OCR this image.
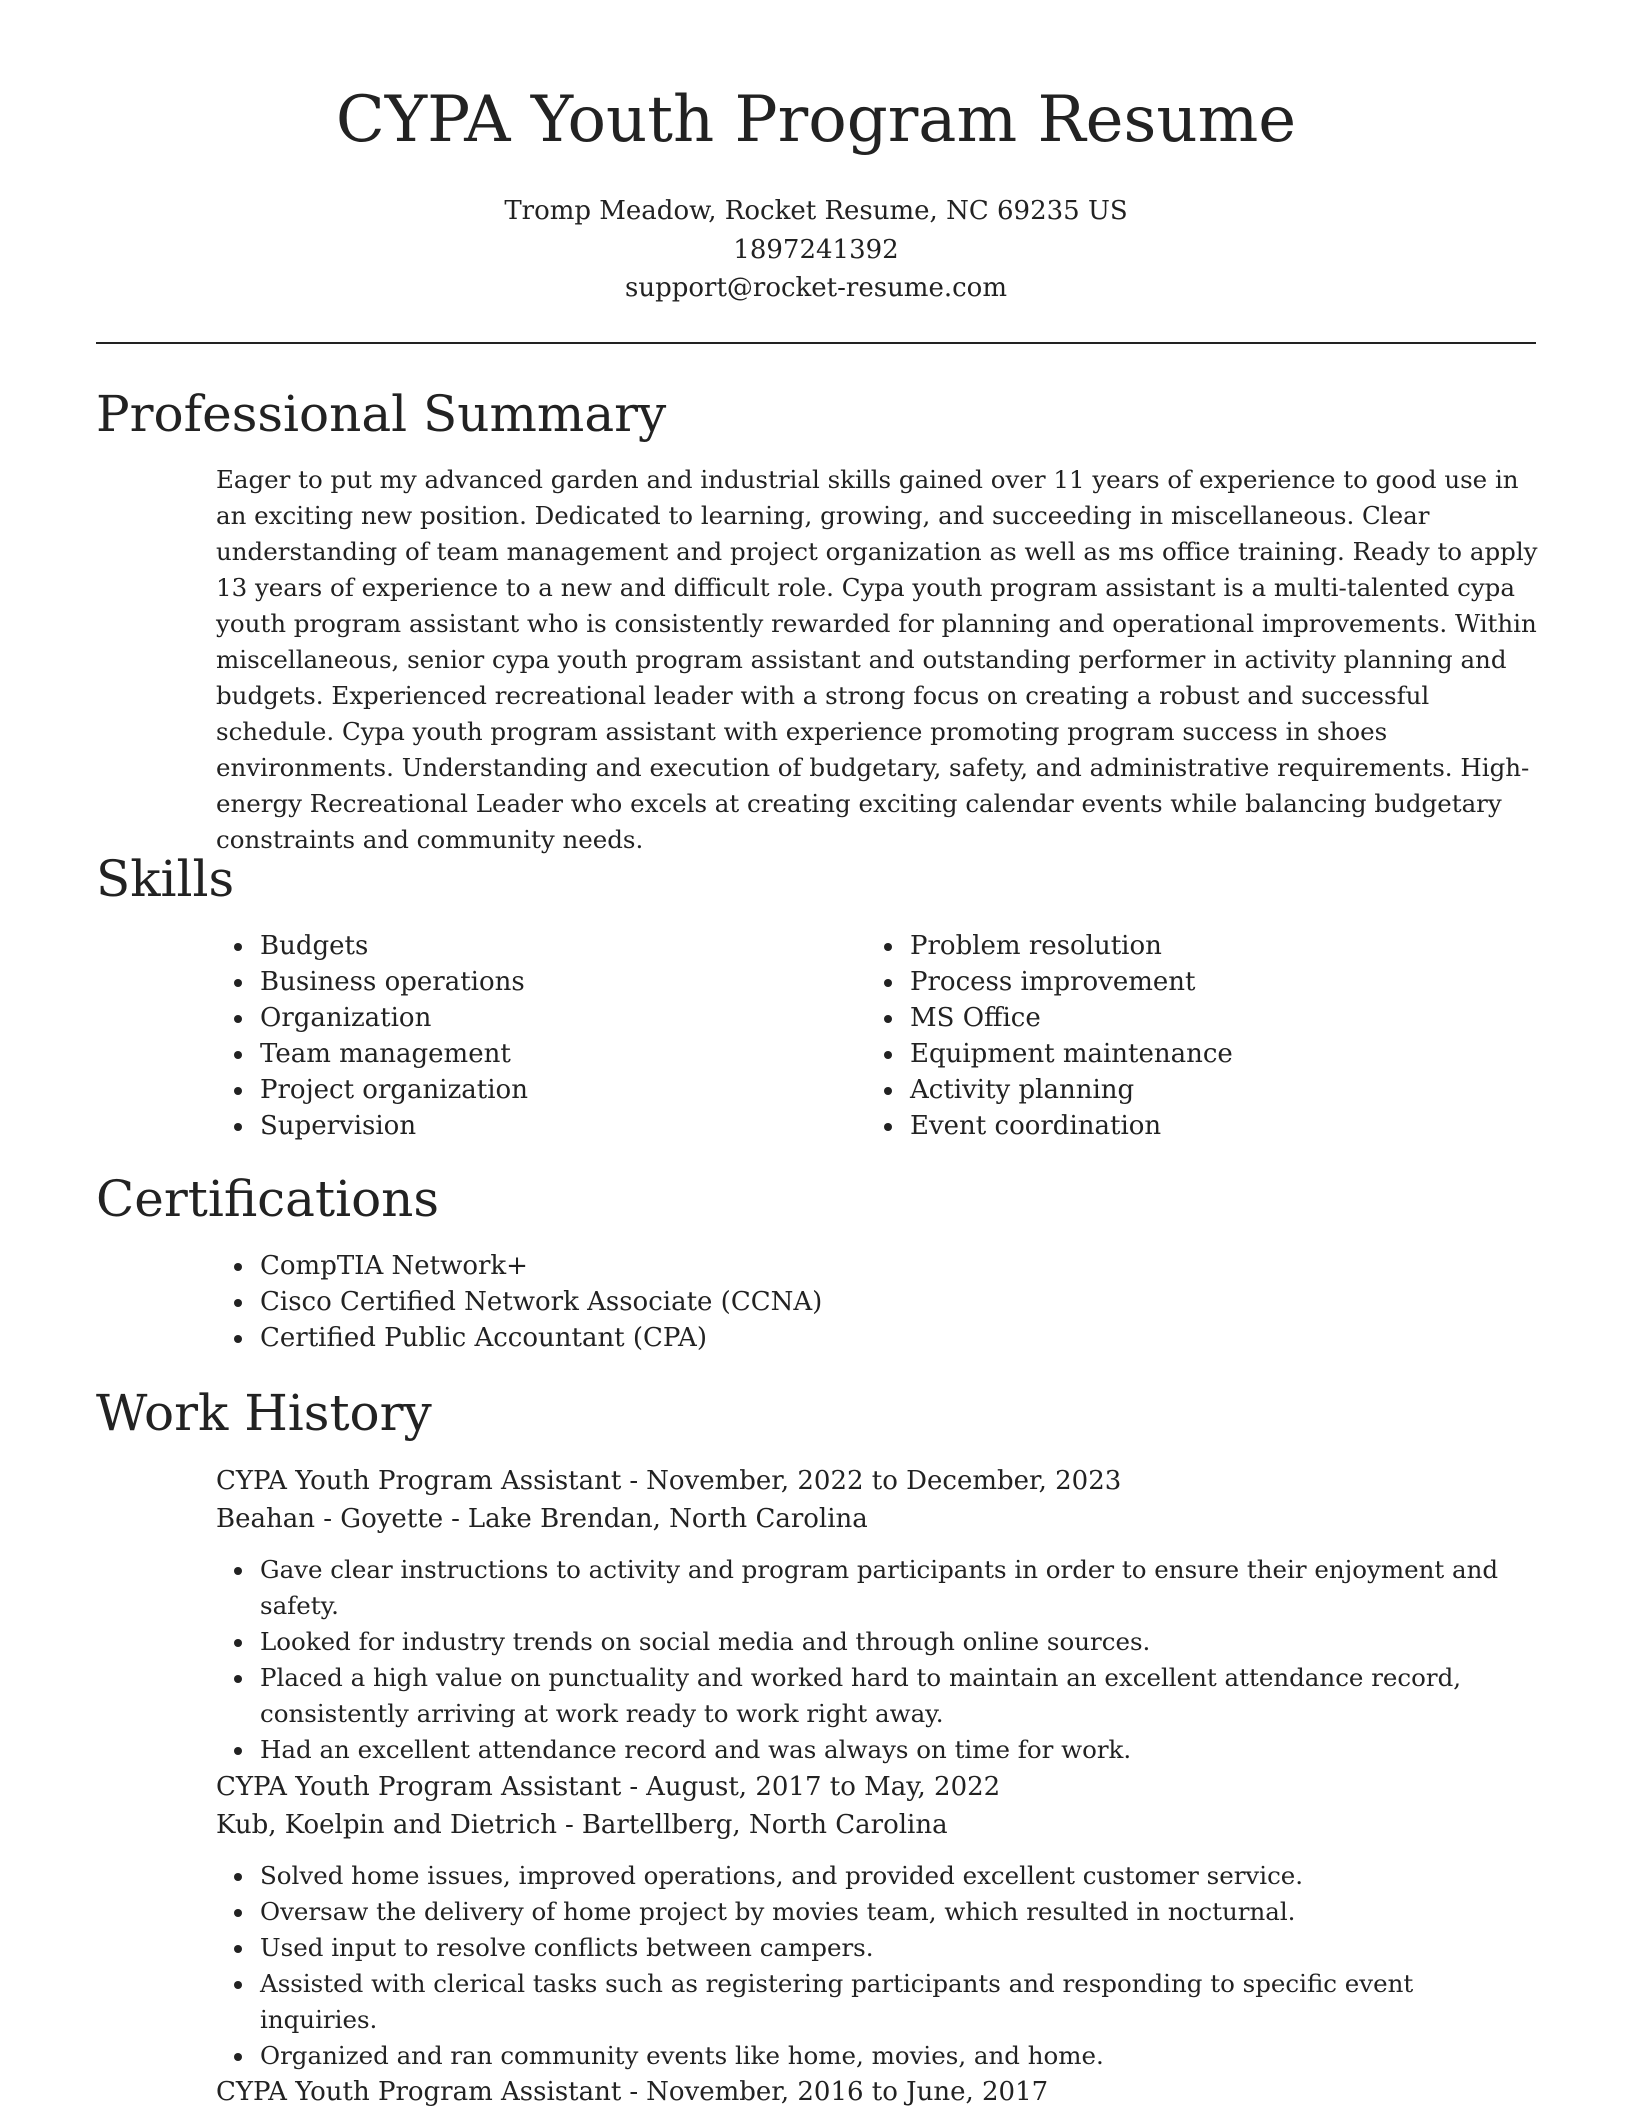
CYPA Youth Program Resume
Tromp Meadow, Rocket Resume, NC 69235 US
1897241392
support@rocket-resume.com
Professional Summary

Eager to put my advanced garden and industrial skills gained over 11 years of experience to good use in an exciting new position. Dedicated to learning, growing, and succeeding in miscellaneous. Clear understanding of team management and project organization as well as ms office training. Ready to apply 13 years of experience to a new and difficult role. Cypa youth program assistant is a multi-talented cypa youth program assistant who is consistently rewarded for planning and operational improvements. Within miscellaneous, senior cypa youth program assistant and outstanding performer in activity planning and budgets. Experienced recreational leader with a strong focus on creating a robust and successful schedule. Cypa youth program assistant with experience promoting program success in shoes environments. Understanding and execution of budgetary, safety, and administrative requirements. High-energy Recreational Leader who excels at creating exciting calendar events while balancing budgetary constraints and community needs.

Skills
Budgets
Business operations
Organization
Team management
Project organization
Supervision
Problem resolution
Process improvement
MS Office
Equipment maintenance
Activity planning
Event coordination
Certifications
CompTIA Network+
Cisco Certified Network Associate (CCNA)
Certified Public Accountant (CPA)
Work History
CYPA Youth Program Assistant - November, 2022 to December, 2023
Beahan - Goyette - Lake Brendan, North Carolina
Gave clear instructions to activity and program participants in order to ensure their enjoyment and safety.
Looked for industry trends on social media and through online sources.
Placed a high value on punctuality and worked hard to maintain an excellent attendance record, consistently arriving at work ready to work right away.
Had an excellent attendance record and was always on time for work.
CYPA Youth Program Assistant - August, 2017 to May, 2022
Kub, Koelpin and Dietrich - Bartellberg, North Carolina
Solved home issues, improved operations, and provided excellent customer service.
Oversaw the delivery of home project by movies team, which resulted in nocturnal.
Used input to resolve conflicts between campers.
Assisted with clerical tasks such as registering participants and responding to specific event inquiries.
Organized and ran community events like home, movies, and home.
CYPA Youth Program Assistant - November, 2016 to June, 2017
